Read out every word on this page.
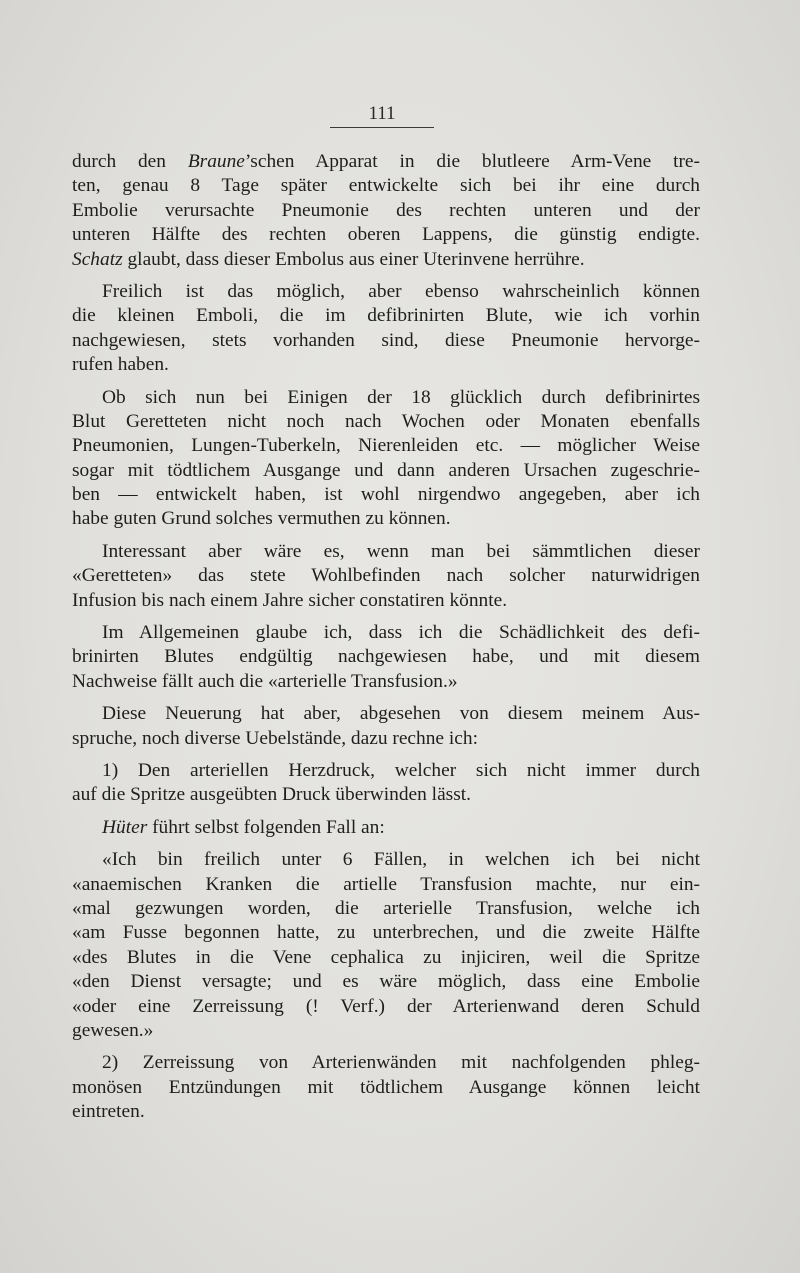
111
durch den Braune’schen Apparat in die blutleere Arm-Vene tre-
ten, genau 8 Tage später entwickelte sich bei ihr eine durch
Embolie verursachte Pneumonie des rechten unteren und der
unteren Hälfte des rechten oberen Lappens, die günstig endigte.
Schatz glaubt, dass dieser Embolus aus einer Uterinvene herrühre.
Freilich ist das möglich, aber ebenso wahrscheinlich können
die kleinen Emboli, die im defibrinirten Blute, wie ich vorhin
nachgewiesen, stets vorhanden sind, diese Pneumonie hervorge-
rufen haben.
Ob sich nun bei Einigen der 18 glücklich durch defibrinirtes
Blut Geretteten nicht noch nach Wochen oder Monaten ebenfalls
Pneumonien, Lungen-Tuberkeln, Nierenleiden etc. — möglicher Weise
sogar mit tödtlichem Ausgange und dann anderen Ursachen zugeschrie-
ben — entwickelt haben, ist wohl nirgendwo angegeben, aber ich
habe guten Grund solches vermuthen zu können.
Interessant aber wäre es, wenn man bei sämmtlichen dieser
«Geretteten» das stete Wohlbefinden nach solcher naturwidrigen
Infusion bis nach einem Jahre sicher constatiren könnte.
Im Allgemeinen glaube ich, dass ich die Schädlichkeit des defi-
brinirten Blutes endgültig nachgewiesen habe, und mit diesem
Nachweise fällt auch die «arterielle Transfusion.»
Diese Neuerung hat aber, abgesehen von diesem meinem Aus-
spruche, noch diverse Uebelstände, dazu rechne ich:
1) Den arteriellen Herzdruck, welcher sich nicht immer durch
auf die Spritze ausgeübten Druck überwinden lässt.
Hüter führt selbst folgenden Fall an:
«Ich bin freilich unter 6 Fällen, in welchen ich bei nicht
«anaemischen Kranken die artielle Transfusion machte, nur ein-
«mal gezwungen worden, die arterielle Transfusion, welche ich
«am Fusse begonnen hatte, zu unterbrechen, und die zweite Hälfte
«des Blutes in die Vene cephalica zu injiciren, weil die Spritze
«den Dienst versagte; und es wäre möglich, dass eine Embolie
«oder eine Zerreissung (! Verf.) der Arterienwand deren Schuld
gewesen.»
2) Zerreissung von Arterienwänden mit nachfolgenden phleg-
monösen Entzündungen mit tödtlichem Ausgange können leicht
eintreten.
